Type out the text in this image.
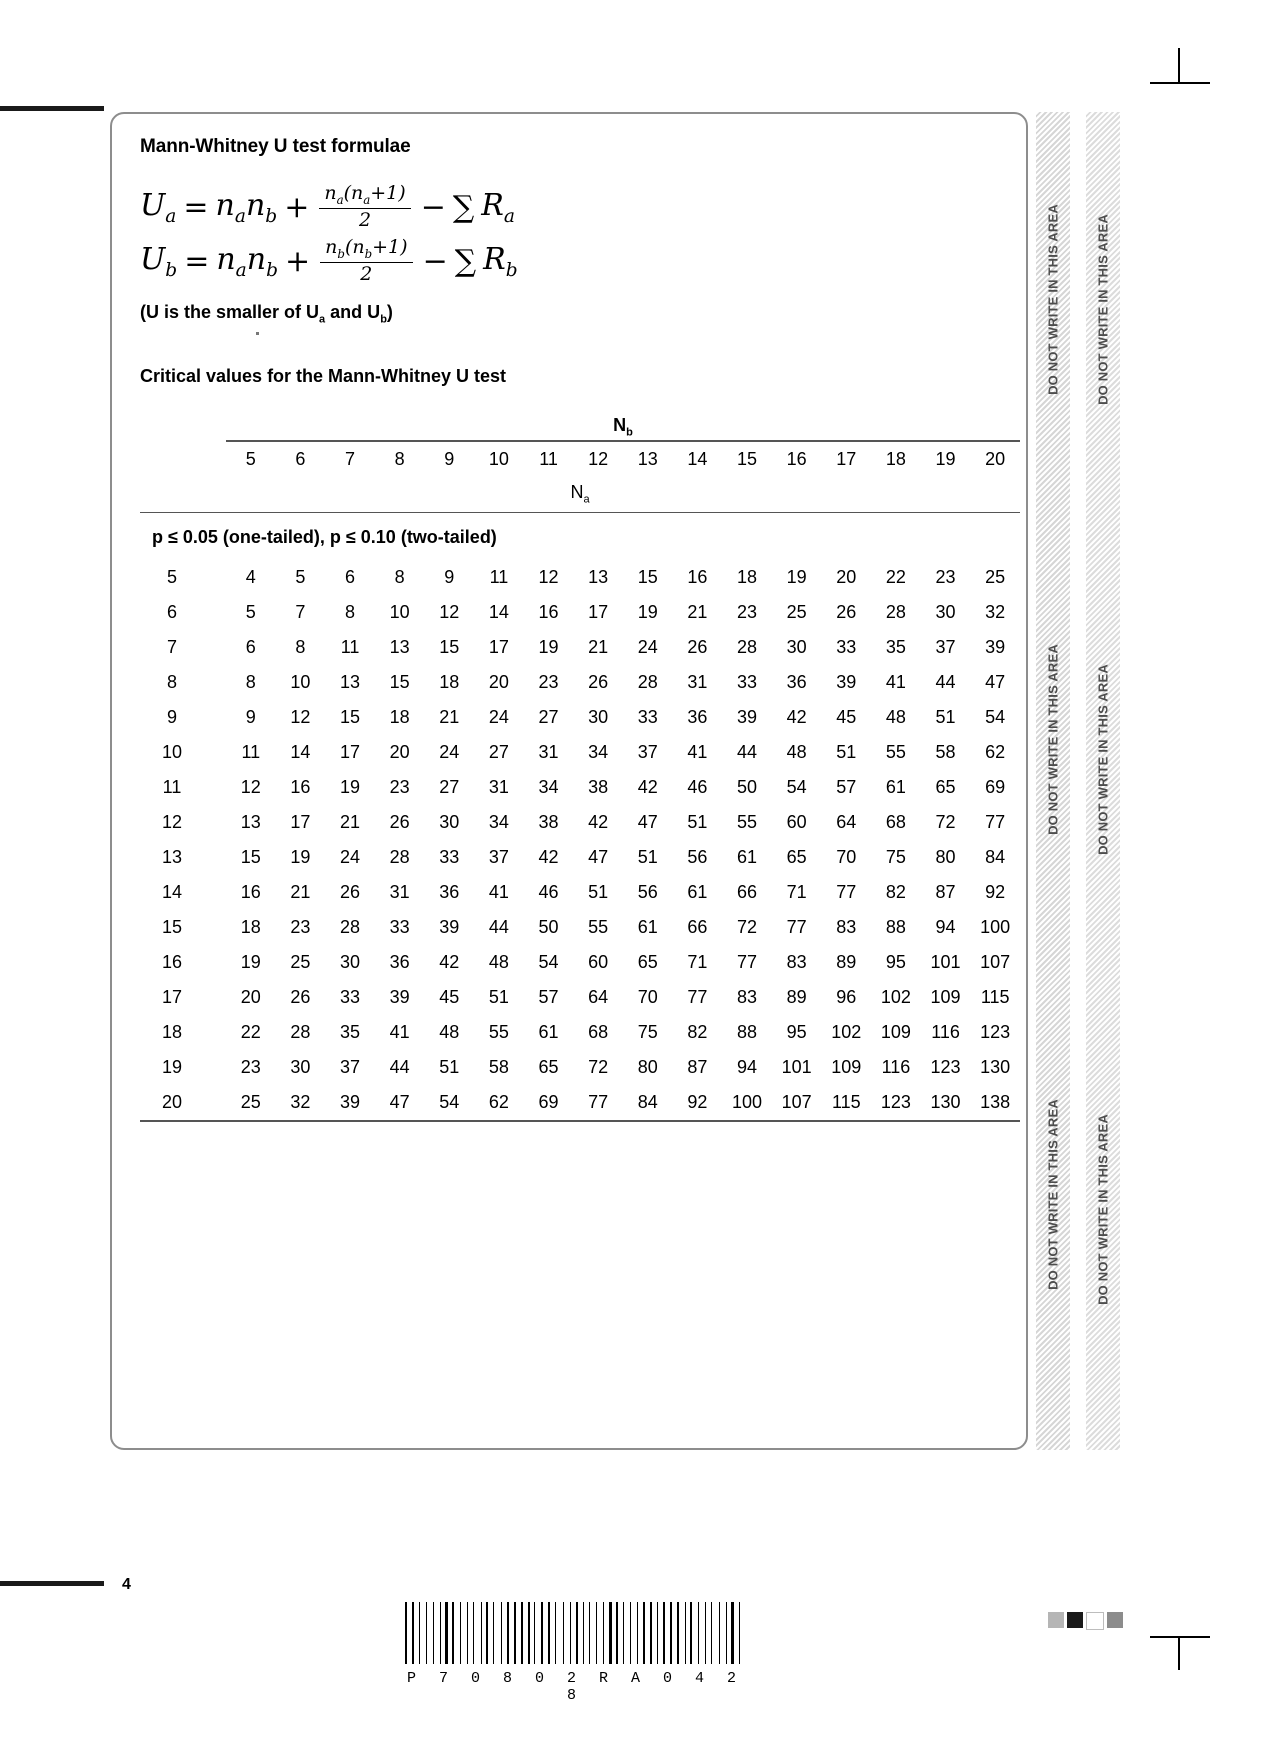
Mann-Whitney U test formulae
$U_a = n_an_b + \frac{n_a(n_a+1)}{2}$ − ∑ $R_a$
$U_b = n_an_b + \frac{n_b(n_b+1)}{2}$ − ∑ $R_b$
(U is the smaller of $U_a$ and $U_b$)
Critical values for the Mann-Whitney U test
$N_b$
	5	6	7	8	9	10	11	12	13	14	15	16	17	18	19	20
$N_a$
p ≤ 0.05 (one-tailed), p ≤ 0.10 (two-tailed)
5	4	5	6	8	9	11	12	13	15	16	18	19	20	22	23	25
6	5	7	8	10	12	14	16	17	19	21	23	25	26	28	30	32
7	6	8	11	13	15	17	19	21	24	26	28	30	33	35	37	39
8	8	10	13	15	18	20	23	26	28	31	33	36	39	41	44	47
9	9	12	15	18	21	24	27	30	33	36	39	42	45	48	51	54
10	11	14	17	20	24	27	31	34	37	41	44	48	51	55	58	62
11	12	16	19	23	27	31	34	38	42	46	50	54	57	61	65	69
12	13	17	21	26	30	34	38	42	47	51	55	60	64	68	72	77
13	15	19	24	28	33	37	42	47	51	56	61	65	70	75	80	84
14	16	21	26	31	36	41	46	51	56	61	66	71	77	82	87	92
15	18	23	28	33	39	44	50	55	61	66	72	77	83	88	94	100
16	19	25	30	36	42	48	54	60	65	71	77	83	89	95	101	107
17	20	26	33	39	45	51	57	64	70	77	83	89	96	102	109	115
18	22	28	35	41	48	55	61	68	75	82	88	95	102	109	116	123
19	23	30	37	44	51	58	65	72	80	87	94	101	109	116	123	130
20	25	32	39	47	54	62	69	77	84	92	100	107	115	123	130	138
DO NOT WRITE IN THIS AREA
DO NOT WRITE IN THIS AREA
DO NOT WRITE IN THIS AREA
DO NOT WRITE IN THIS AREA
DO NOT WRITE IN THIS AREA
DO NOT WRITE IN THIS AREA
4
P 7 0 8 0 2 R A 0 4 2 8
